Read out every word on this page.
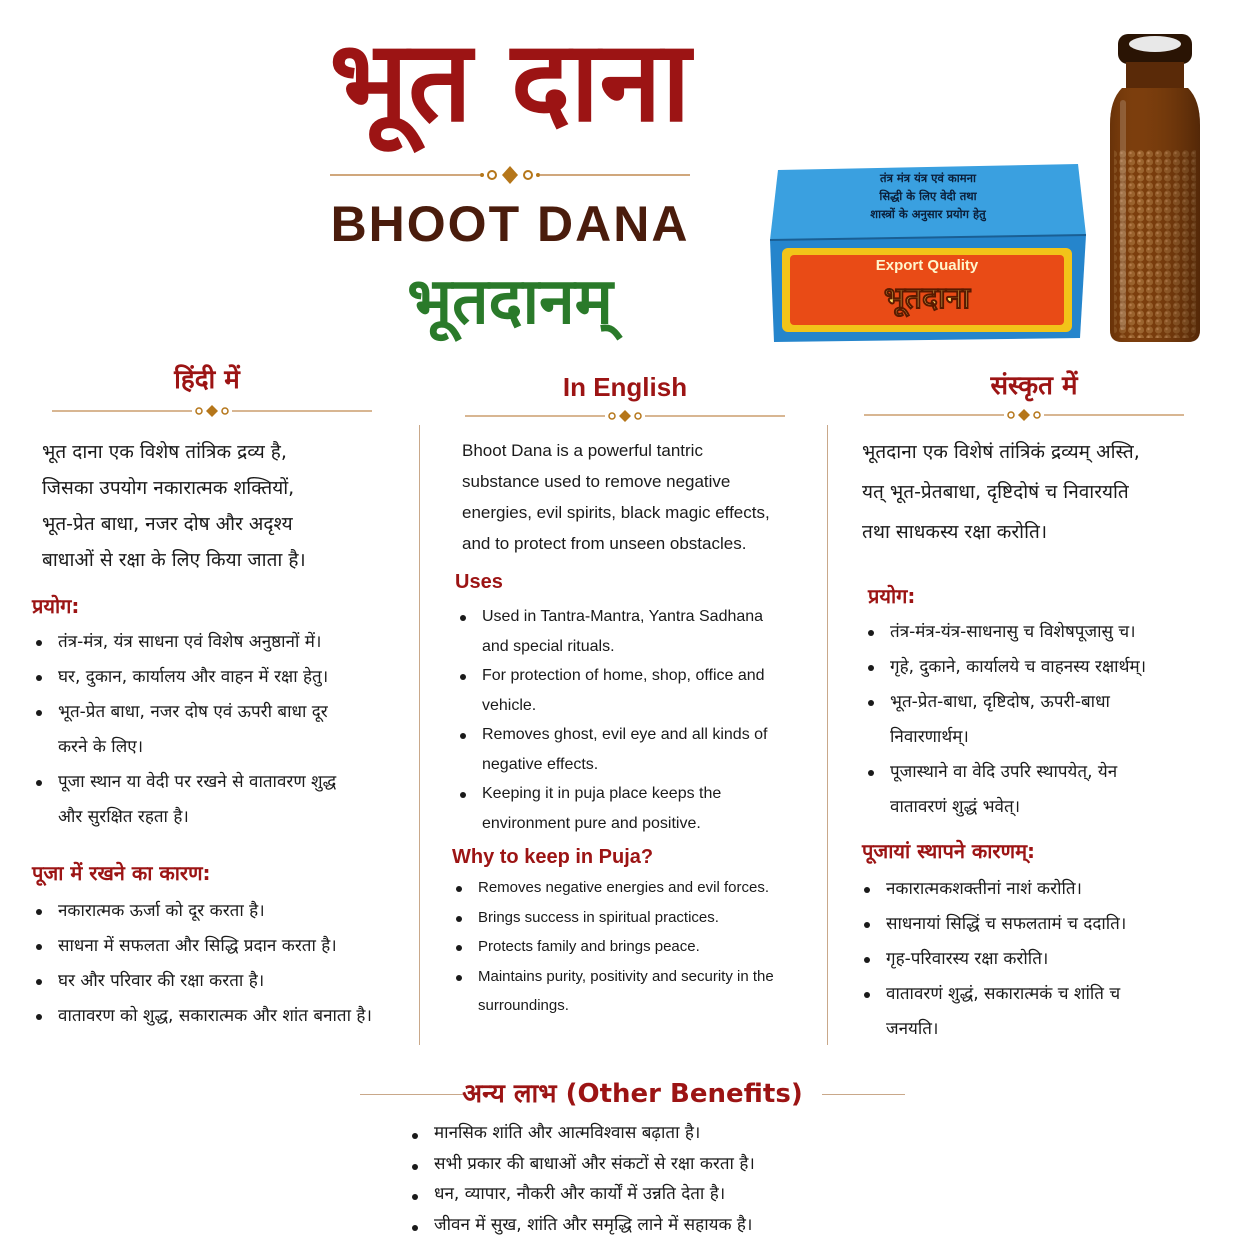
भूत दाना
BHOOT DANA
भूतदानम्	Export Quality
भूतदाना
तंत्र मंत्र यंत्र एवं कामना
सिद्धी के लिए वेदी तथा
शास्त्रों के अनुसार प्रयोग हेतु
हिंदी में

भूत दाना एक विशेष तांत्रिक द्रव्य है,

जिसका उपयोग नकारात्मक शक्तियों,

भूत-प्रेत बाधा, नजर दोष और अदृश्य

बाधाओं से रक्षा के लिए किया जाता है।

प्रयोग:

तंत्र-मंत्र, यंत्र साधना एवं विशेष अनुष्ठानों में।
घर, दुकान, कार्यालय और वाहन में रक्षा हेतु।
भूत-प्रेत बाधा, नजर दोष एवं ऊपरी बाधा दूर करने के लिए।
पूजा स्थान या वेदी पर रखने से वातावरण शुद्ध और सुरक्षित रहता है।

पूजा में रखने का कारण:

नकारात्मक ऊर्जा को दूर करता है।
साधना में सफलता और सिद्धि प्रदान करता है।
घर और परिवार की रक्षा करता है।
वातावरण को शुद्ध, सकारात्मक और शांत बनाता है।
In English

Bhoot Dana is a powerful tantric substance used to remove negative energies, evil spirits, black magic effects, and to protect from unseen obstacles.

Uses

Used in Tantra-Mantra, Yantra Sadhana and special rituals.
For protection of home, shop, office and vehicle.
Removes ghost, evil eye and all kinds of negative effects.
Keeping it in puja place keeps the environment pure and positive.

Why to keep in Puja?

Removes negative energies and evil forces.
Brings success in spiritual practices.
Protects family and brings peace.
Maintains purity, positivity and security in the surroundings.
संस्कृत में

भूतदाना एक विशेषं तांत्रिकं द्रव्यम् अस्ति,

यत् भूत-प्रेतबाधा, दृष्टिदोषं च निवारयति

तथा साधकस्य रक्षा करोति।

प्रयोग:

तंत्र-मंत्र-यंत्र-साधनासु च विशेषपूजासु च।
गृहे, दुकाने, कार्यालये च वाहनस्य रक्षार्थम्।
भूत-प्रेत-बाधा, दृष्टिदोष, ऊपरी-बाधा निवारणार्थम्।
पूजास्थाने वा वेदि उपरि स्थापयेत्, येन वातावरणं शुद्धं भवेत्।

पूजायां स्थापने कारणम्:

नकारात्मकशक्तीनां नाशं करोति।
साधनायां सिद्धिं च सफलतामं च ददाति।
गृह-परिवारस्य रक्षा करोति।
वातावरणं शुद्धं, सकारात्मकं च शांति च जनयति।
अन्य लाभ (Other Benefits)
मानसिक शांति और आत्मविश्वास बढ़ाता है।
सभी प्रकार की बाधाओं और संकटों से रक्षा करता है।
धन, व्यापार, नौकरी और कार्यों में उन्नति देता है।
जीवन में सुख, शांति और समृद्धि लाने में सहायक है।
